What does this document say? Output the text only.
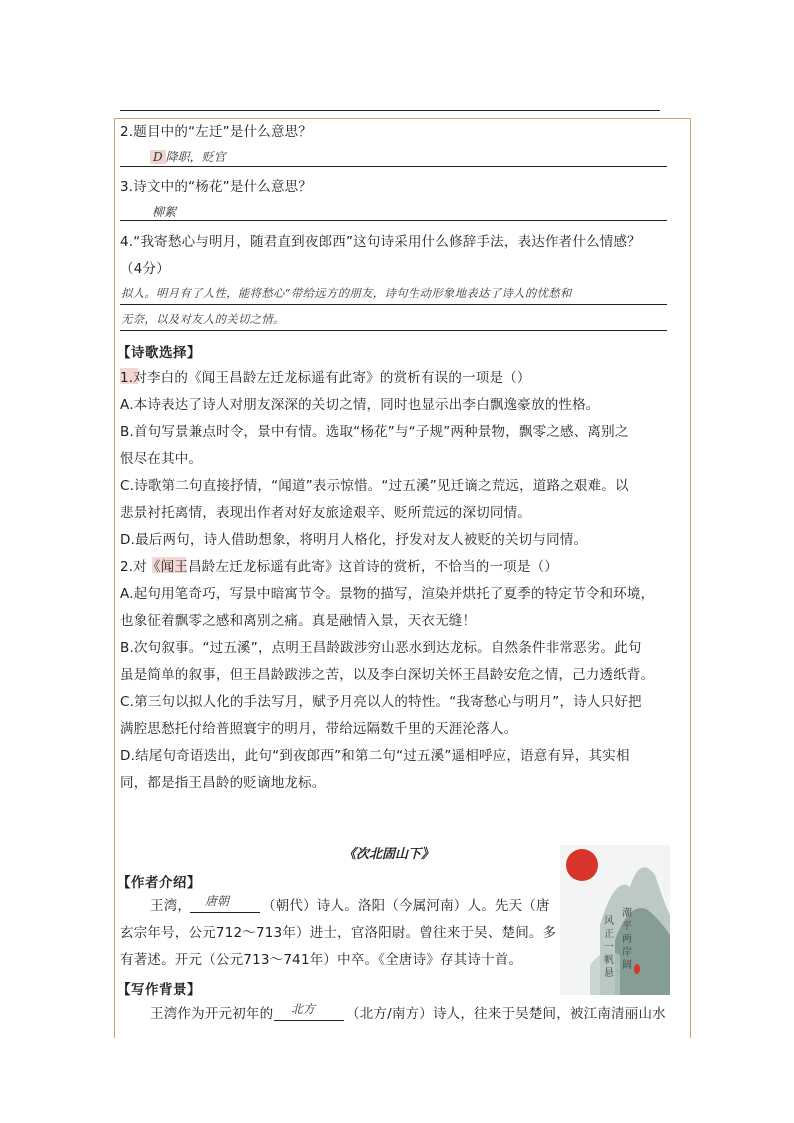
2.题目中的“左迁”是什么意思？
D 降职，贬官
3.诗文中的“杨花”是什么意思？
柳絮
4.“我寄愁心与明月，随君直到夜郎西”这句诗采用什么修辞手法，表达作者什么情感？
（4分）
拟人。明月有了人性，能将愁心“带给远方的朋友，诗句生动形象地表达了诗人的忧愁和
无奈，以及对友人的关切之情。
【诗歌选择】
1.对李白的《闻王昌龄左迁龙标遥有此寄》的赏析有误的一项是（）
A.本诗表达了诗人对朋友深深的关切之情，同时也显示出李白飘逸豪放的性格。
B.首句写景兼点时令，景中有情。选取“杨花”与“子规”两种景物，飘零之感、离别之
恨尽在其中。
C.诗歌第二句直接抒情，“闻道”表示惊惜。“过五溪”见迁谪之荒远，道路之艰难。以
悲景衬托离情，表现出作者对好友旅途艰辛、贬所荒远的深切同情。
D.最后两句，诗人借助想象，将明月人格化，抒发对友人被贬的关切与同情。
2.对《闻王昌龄左迁龙标遥有此寄》这首诗的赏析，不恰当的一项是（）
A.起句用笔奇巧，写景中暗寓节令。景物的描写，渲染并烘托了夏季的特定节令和环境，
也象征着飘零之感和离别之痛。真是融情入景，天衣无缝！
B.次句叙事。“过五溪”，点明王昌龄跋涉穷山恶水到达龙标。自然条件非常恶劣。此句
虽是简单的叙事，但王昌龄跋涉之苦，以及李白深切关怀王昌龄安危之情，己力透纸背。
C.第三句以拟人化的手法写月，赋予月亮以人的特性。“我寄愁心与明月”，诗人只好把
满腔思愁托付给普照寰宇的明月，带给远隔数千里的天涯沦落人。
D.结尾句奇语迭出，此句“到夜郎西”和第二句“过五溪”遥相呼应，语意有异，其实相
同，都是指王昌龄的贬谪地龙标。
《次北固山下》
潮平两岸阔
风正一帆悬
【作者介绍】
王湾， 唐朝 （朝代）诗人。洛阳（今属河南）人。先天（唐
玄宗年号，公元712～713年）进士，官洛阳尉。曾往来于吴、楚间。多
有著述。开元（公元713～741年）中卒。《全唐诗》存其诗十首。
【写作背景】
王湾作为开元初年的 北方 （北方/南方）诗人，往来于吴楚间，被江南清丽山水
